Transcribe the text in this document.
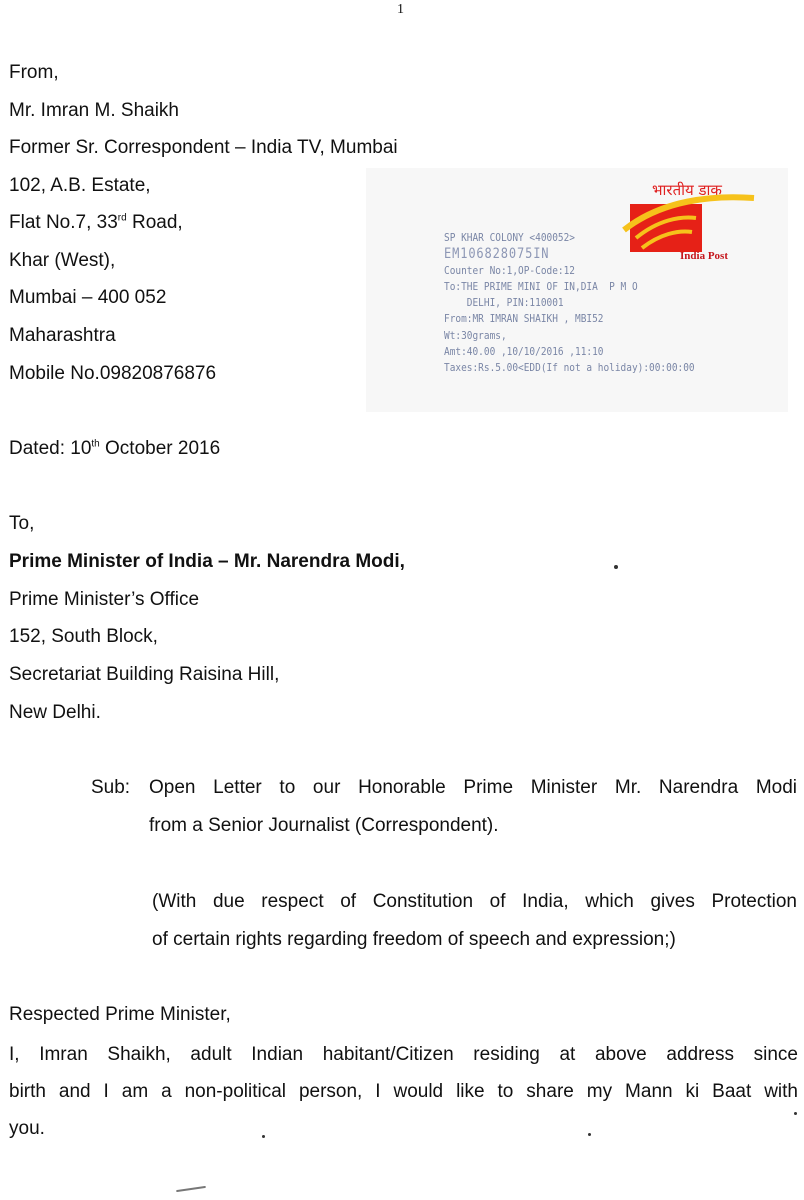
1
From,
Mr. Imran M. Shaikh
Former Sr. Correspondent – India TV, Mumbai
102, A.B. Estate,
Flat No.7, 33rd Road,
Khar (West),
Mumbai – 400 052
Maharashtra
Mobile No.09820876876
SP KHAR COLONY <400052>
EM106828075IN
Counter No:1,OP-Code:12
To:THE PRIME MINI OF IN,DIA  P M O
DELHI, PIN:110001
From:MR IMRAN SHAIKH , MBI52
Wt:30grams,
Amt:40.00 ,10/10/2016 ,11:10
Taxes:Rs.5.00<EDD(If not a holiday):00:00:00
भारतीय डाक
India Post
Dated: 10th October 2016
To,
Prime Minister of India – Mr. Narendra Modi,
Prime Minister’s Office
152, South Block,
Secretariat Building Raisina Hill,
New Delhi.
Sub: Open Letter to our Honorable Prime Minister Mr. Narendra Modi
from a Senior Journalist (Correspondent).
(With due respect of Constitution of India, which gives Protection
of certain rights regarding freedom of speech and expression;)
Respected Prime Minister,
I, Imran Shaikh, adult Indian habitant/Citizen residing at above address since
birth and I am a non-political person, I would like to share my Mann ki Baat with
you.
